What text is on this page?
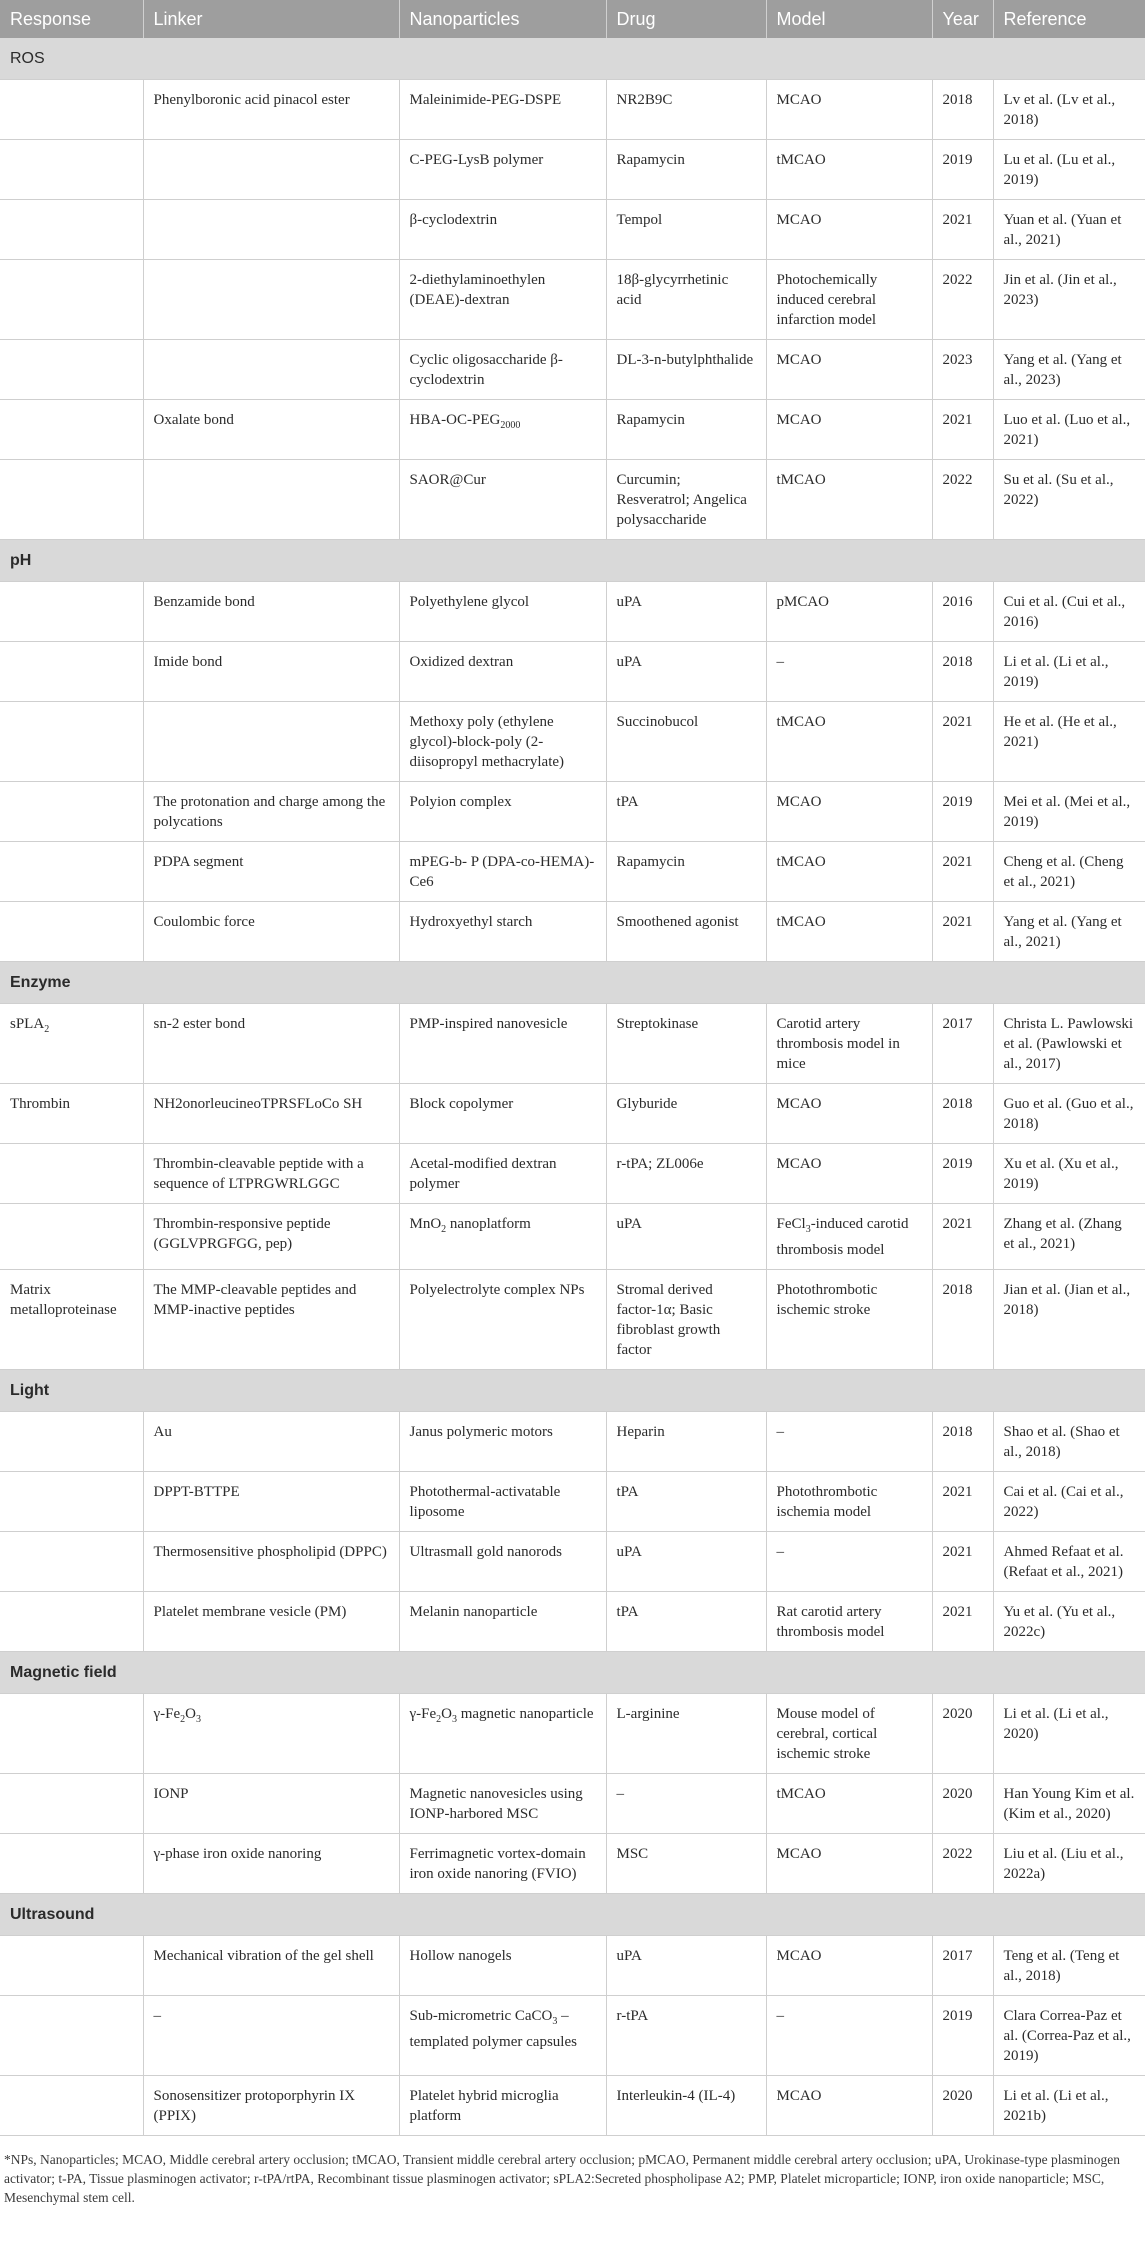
Response	Linker	Nanoparticles	Drug	Model	Year	Reference
ROS						
	Phenylboronic acid pinacol ester	Maleinimide-PEG-DSPE	NR2B9C	MCAO	2018	Lv et al. (Lv et al., 2018)
		C-PEG-LysB polymer	Rapamycin	tMCAO	2019	Lu et al. (Lu et al., 2019)
		β-cyclodextrin	Tempol	MCAO	2021	Yuan et al. (Yuan et al., 2021)
		2-diethylaminoethylen (DEAE)-dextran	18β-glycyrrhetinic acid	Photochemically induced cerebral infarction model	2022	Jin et al. (Jin et al., 2023)
		Cyclic oligosaccharide β-cyclodextrin	DL-3-n-butylphthalide	MCAO	2023	Yang et al. (Yang et al., 2023)
	Oxalate bond	HBA-$OC-PEG_{2000}$	Rapamycin	MCAO	2021	Luo et al. (Luo et al., 2021)
		SAOR@Cur	Curcumin; Resveratrol; Angelica polysaccharide	tMCAO	2022	Su et al. (Su et al., 2022)
pH						
	Benzamide bond	Polyethylene glycol	uPA	pMCAO	2016	Cui et al. (Cui et al., 2016)
	Imide bond	Oxidized dextran	uPA	–	2018	Li et al. (Li et al., 2019)
		Methoxy poly (ethylene glycol)-block-poly (2-diisopropyl methacrylate)	Succinobucol	tMCAO	2021	He et al. (He et al., 2021)
	The protonation and charge among the polycations	Polyion complex	tPA	MCAO	2019	Mei et al. (Mei et al., 2019)
	PDPA segment	mPEG-b- P (DPA-co-HEMA)-Ce6	Rapamycin	tMCAO	2021	Cheng et al. (Cheng et al., 2021)
	Coulombic force	Hydroxyethyl starch	Smoothened agonist	tMCAO	2021	Yang et al. (Yang et al., 2021)
Enzyme						
sPLA$_2$	sn-2 ester bond	PMP-inspired nanovesicle	Streptokinase	Carotid artery thrombosis model in mice	2017	Christa L. Pawlowski et al. (Pawlowski et al., 2017)
Thrombin	NH2onorleucineoTPRSFLoCo SH	Block copolymer	Glyburide	MCAO	2018	Guo et al. (Guo et al., 2018)
	Thrombin-cleavable peptide with a sequence of LTPRGWRLGGC	Acetal-modified dextran polymer	r-tPA; ZL006e	MCAO	2019	Xu et al. (Xu et al., 2019)
	Thrombin-responsive peptide (GGLVPRGFGG, pep)	MnO$_2$ nanoplatform	uPA	FeCl$_3$-induced carotid thrombosis model	2021	Zhang et al. (Zhang et al., 2021)
Matrix metalloproteinase	The MMP-cleavable peptides and MMP-inactive peptides	Polyelectrolyte complex NPs	Stromal derived factor-1α; Basic fibroblast growth factor	Photothrombotic ischemic stroke	2018	Jian et al. (Jian et al., 2018)
Light						
	Au	Janus polymeric motors	Heparin	–	2018	Shao et al. (Shao et al., 2018)
	DPPT-BTTPE	Photothermal-activatable liposome	tPA	Photothrombotic ischemia model	2021	Cai et al. (Cai et al., 2022)
	Thermosensitive phospholipid (DPPC)	Ultrasmall gold nanorods	uPA	–	2021	Ahmed Refaat et al. (Refaat et al., 2021)
	Platelet membrane vesicle (PM)	Melanin nanoparticle	tPA	Rat carotid artery thrombosis model	2021	Yu et al. (Yu et al., 2022c)
Magnetic field						
	$\gamma-Fe_2O_3$	$\gamma-Fe_2O_3$ magnetic nanoparticle	L-arginine	Mouse model of cerebral, cortical ischemic stroke	2020	Li et al. (Li et al., 2020)
	IONP	Magnetic nanovesicles using IONP-harbored MSC	–	tMCAO	2020	Han Young Kim et al. (Kim et al., 2020)
	γ-phase iron oxide nanoring	Ferrimagnetic vortex-domain iron oxide nanoring (FVIO)	MSC	MCAO	2022	Liu et al. (Liu et al., 2022a)
Ultrasound						
	Mechanical vibration of the gel shell	Hollow nanogels	uPA	MCAO	2017	Teng et al. (Teng et al., 2018)
	–	Sub-micrometric CaCO$_3$ –templated polymer capsules	r-tPA	–	2019	Clara Correa-Paz et al. (Correa-Paz et al., 2019)
	Sonosensitizer protoporphyrin IX (PPIX)	Platelet hybrid microglia platform	Interleukin-4 (IL-4)	MCAO	2020	Li et al. (Li et al., 2021b)
*NPs, Nanoparticles; MCAO, Middle cerebral artery occlusion; tMCAO, Transient middle cerebral artery occlusion; pMCAO, Permanent middle cerebral artery occlusion; uPA, Urokinase-type plasminogen activator; t-PA, Tissue plasminogen activator; r-tPA/rtPA, Recombinant tissue plasminogen activator; sPLA2:Secreted phospholipase A2; PMP, Platelet microparticle; IONP, iron oxide nanoparticle; MSC, Mesenchymal stem cell.
